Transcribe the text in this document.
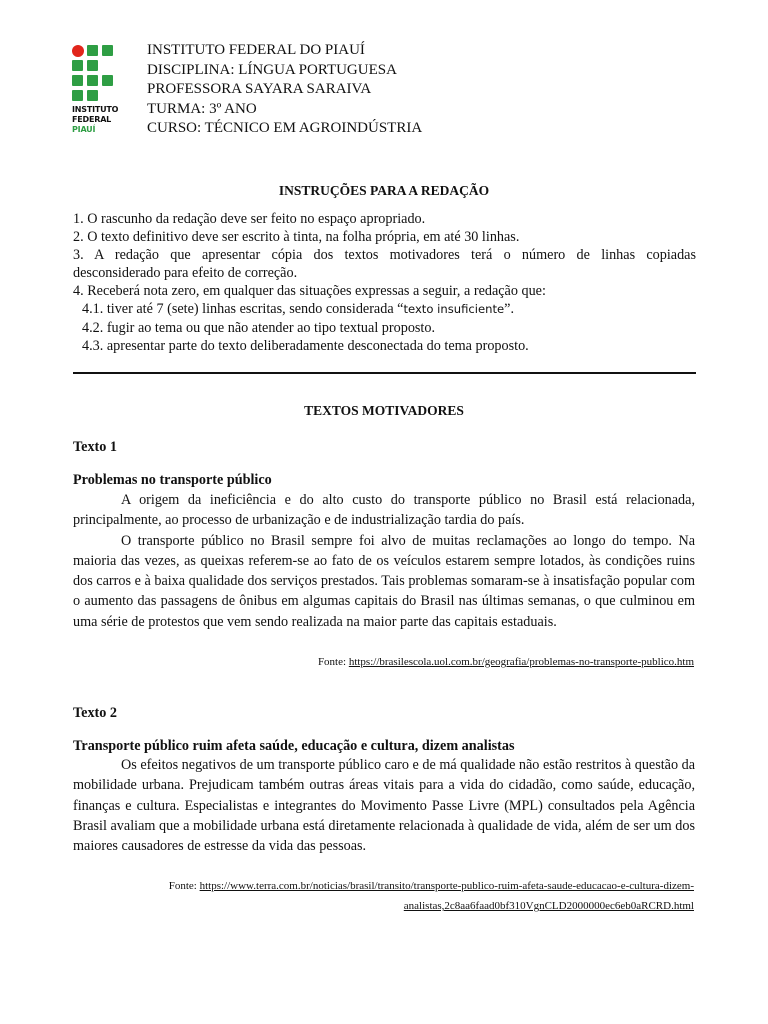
INSTITUTO
FEDERAL
PIAUÍ
INSTITUTO FEDERAL DO PIAUÍ
DISCIPLINA: LÍNGUA PORTUGUESA
PROFESSORA SAYARA SARAIVA
TURMA: 3º ANO
CURSO: TÉCNICO EM AGROINDÚSTRIA
INSTRUÇÕES PARA A REDAÇÃO
1. O rascunho da redação deve ser feito no espaço apropriado.
2. O texto definitivo deve ser escrito à tinta, na folha própria, em até 30 linhas.
3. A redação que apresentar cópia dos textos motivadores terá o número de linhas copiadas
desconsiderado para efeito de correção.
4. Receberá nota zero, em qualquer das situações expressas a seguir, a redação que:
4.1. tiver até 7 (sete) linhas escritas, sendo considerada “texto insuficiente”.
4.2. fugir ao tema ou que não atender ao tipo textual proposto.
4.3. apresentar parte do texto deliberadamente desconectada do tema proposto.
TEXTOS MOTIVADORES
Texto 1
Problemas no transporte público

A origem da ineficiência e do alto custo do transporte público no Brasil está relacionada, principalmente, ao processo de urbanização e de industrialização tardia do país.

O transporte público no Brasil sempre foi alvo de muitas reclamações ao longo do tempo. Na maioria das vezes, as queixas referem-se ao fato de os veículos estarem sempre lotados, às condições ruins dos carros e à baixa qualidade dos serviços prestados. Tais problemas somaram-se à insatisfação popular com o aumento das passagens de ônibus em algumas capitais do Brasil nas últimas semanas, o que culminou em uma série de protestos que vem sendo realizada na maior parte das capitais estaduais.

Fonte: https://brasilescola.uol.com.br/geografia/problemas-no-transporte-publico.htm
Texto 2
Transporte público ruim afeta saúde, educação e cultura, dizem analistas

Os efeitos negativos de um transporte público caro e de má qualidade não estão restritos à questão da mobilidade urbana. Prejudicam também outras áreas vitais para a vida do cidadão, como saúde, educação, finanças e cultura. Especialistas e integrantes do Movimento Passe Livre (MPL) consultados pela Agência Brasil avaliam que a mobilidade urbana está diretamente relacionada à qualidade de vida, além de ser um dos maiores causadores de estresse da vida das pessoas.

Fonte: https://www.terra.com.br/noticias/brasil/transito/transporte-publico-ruim-afeta-saude-educacao-e-cultura-dizem-
analistas,2c8aa6faad0bf310VgnCLD2000000ec6eb0aRCRD.html
